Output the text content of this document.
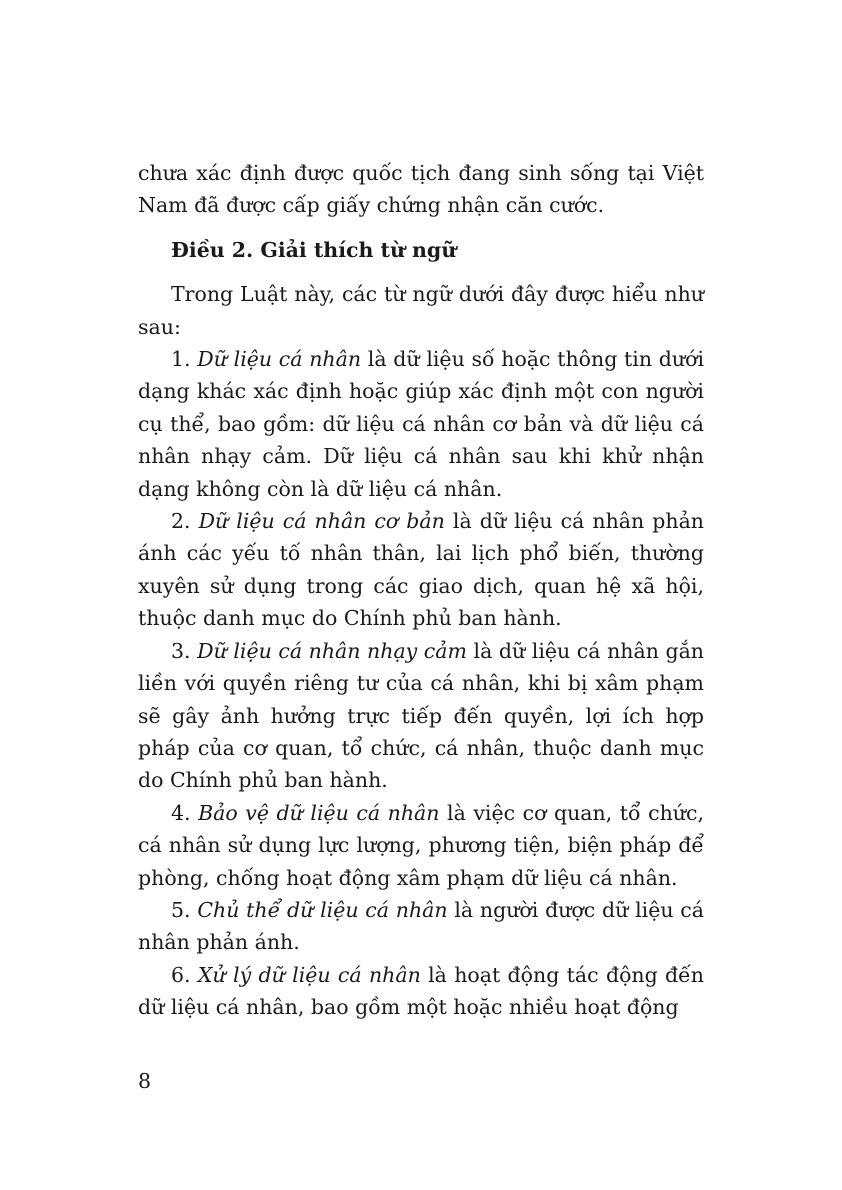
chưa xác định được quốc tịch đang sinh sống tại Việt Nam đã được cấp giấy chứng nhận căn cước.

Điều 2. Giải thích từ ngữ

Trong Luật này, các từ ngữ dưới đây được hiểu như sau:

1. Dữ liệu cá nhân là dữ liệu số hoặc thông tin dưới dạng khác xác định hoặc giúp xác định một con người cụ thể, bao gồm: dữ liệu cá nhân cơ bản và dữ liệu cá nhân nhạy cảm. Dữ liệu cá nhân sau khi khử nhận dạng không còn là dữ liệu cá nhân.

2. Dữ liệu cá nhân cơ bản là dữ liệu cá nhân phản ánh các yếu tố nhân thân, lai lịch phổ biến, thường xuyên sử dụng trong các giao dịch, quan hệ xã hội, thuộc danh mục do Chính phủ ban hành.

3. Dữ liệu cá nhân nhạy cảm là dữ liệu cá nhân gắn liền với quyền riêng tư của cá nhân, khi bị xâm phạm sẽ gây ảnh hưởng trực tiếp đến quyền, lợi ích hợp pháp của cơ quan, tổ chức, cá nhân, thuộc danh mục do Chính phủ ban hành.

4. Bảo vệ dữ liệu cá nhân là việc cơ quan, tổ chức, cá nhân sử dụng lực lượng, phương tiện, biện pháp để phòng, chống hoạt động xâm phạm dữ liệu cá nhân.

5. Chủ thể dữ liệu cá nhân là người được dữ liệu cá nhân phản ánh.

6. Xử lý dữ liệu cá nhân là hoạt động tác động đến dữ liệu cá nhân, bao gồm một hoặc nhiều hoạt động

8
